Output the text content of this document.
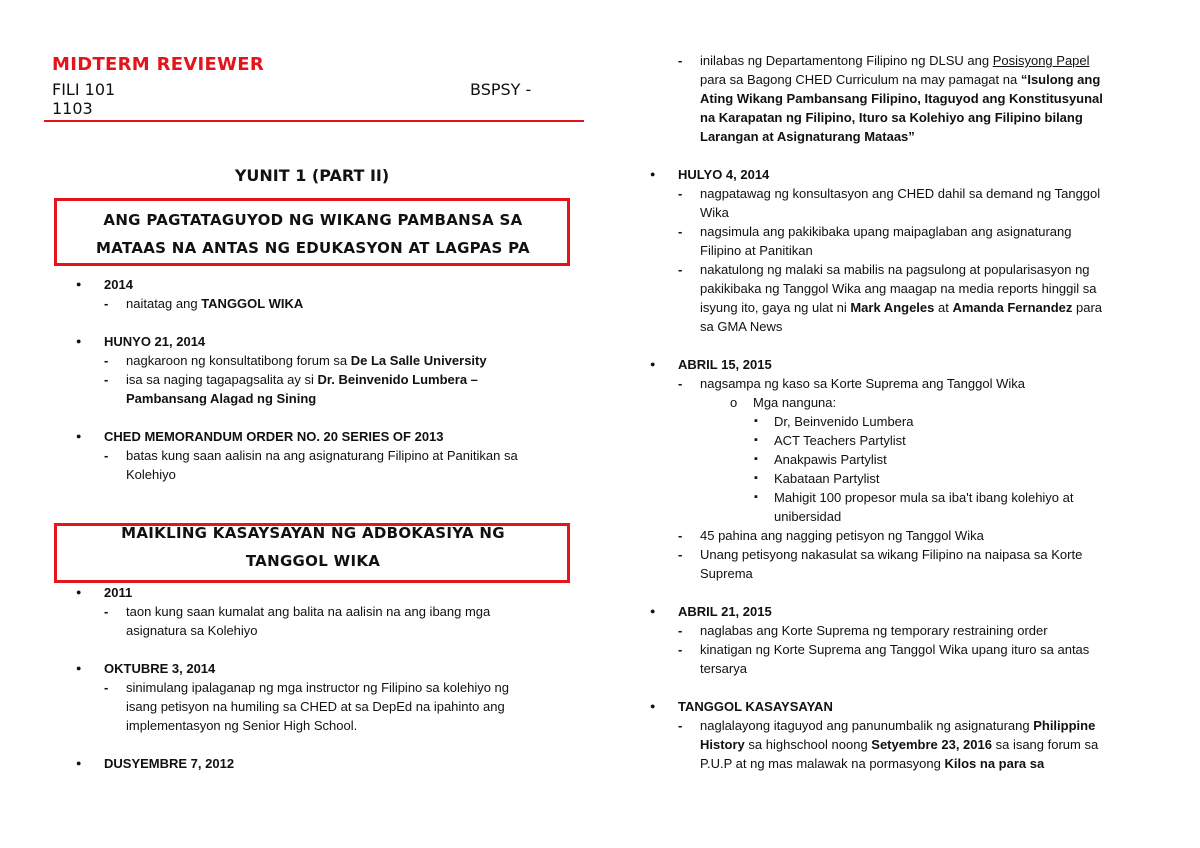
MIDTERM REVIEWER
FILI 101
1103
BSPSY -
YUNIT 1 (PART II)
ANG PAGTATAGUYOD NG WIKANG PAMBANSA SA
MATAAS NA ANTAS NG EDUKASYON AT LAGPAS PA
● 2014
- naitatag ang TANGGOL WIKA
● HUNYO 21, 2014
- nagkaroon ng konsultatibong forum sa De La Salle University
- isa sa naging tagapagsalita ay si Dr. Beinvenido Lumbera –
Pambansang Alagad ng Sining
● CHED MEMORANDUM ORDER NO. 20 SERIES OF 2013
- batas kung saan aalisin na ang asignaturang Filipino at Panitikan sa
Kolehiyo
MAIKLING KASAYSAYAN NG ADBOKASIYA NG
TANGGOL WIKA
● 2011
- taon kung saan kumalat ang balita na aalisin na ang ibang mga
asignatura sa Kolehiyo
● OKTUBRE 3, 2014
- sinimulang ipalaganap ng mga instructor ng Filipino sa kolehiyo ng
isang petisyon na humiling sa CHED at sa DepEd na ipahinto ang
implementasyon ng Senior High School.
● DUSYEMBRE 7, 2012
- inilabas ng Departamentong Filipino ng DLSU ang Posisyong Papel
para sa Bagong CHED Curriculum na may pamagat na “Isulong ang
Ating Wikang Pambansang Filipino, Itaguyod ang Konstitusyunal
na Karapatan ng Filipino, Ituro sa Kolehiyo ang Filipino bilang
Larangan at Asignaturang Mataas”
● HULYO 4, 2014
- nagpatawag ng konsultasyon ang CHED dahil sa demand ng Tanggol
Wika
- nagsimula ang pakikibaka upang maipaglaban ang asignaturang
Filipino at Panitikan
- nakatulong ng malaki sa mabilis na pagsulong at popularisasyon ng
pakikibaka ng Tanggol Wika ang maagap na media reports hinggil sa
isyung ito, gaya ng ulat ni Mark Angeles at Amanda Fernandez para
sa GMA News
● ABRIL 15, 2015
- nagsampa ng kaso sa Korte Suprema ang Tanggol Wika
o Mga nanguna:
▪ Dr, Beinvenido Lumbera
▪ ACT Teachers Partylist
▪ Anakpawis Partylist
▪ Kabataan Partylist
▪ Mahigit 100 propesor mula sa iba't ibang kolehiyo at
unibersidad
- 45 pahina ang nagging petisyon ng Tanggol Wika
- Unang petisyong nakasulat sa wikang Filipino na naipasa sa Korte
Suprema
● ABRIL 21, 2015
- naglabas ang Korte Suprema ng temporary restraining order
- kinatigan ng Korte Suprema ang Tanggol Wika upang ituro sa antas
tersarya
● TANGGOL KASAYSAYAN
- naglalayong itaguyod ang panunumbalik ng asignaturang Philippine
History sa highschool noong Setyembre 23, 2016 sa isang forum sa
P.U.P at ng mas malawak na pormasyong Kilos na para sa
